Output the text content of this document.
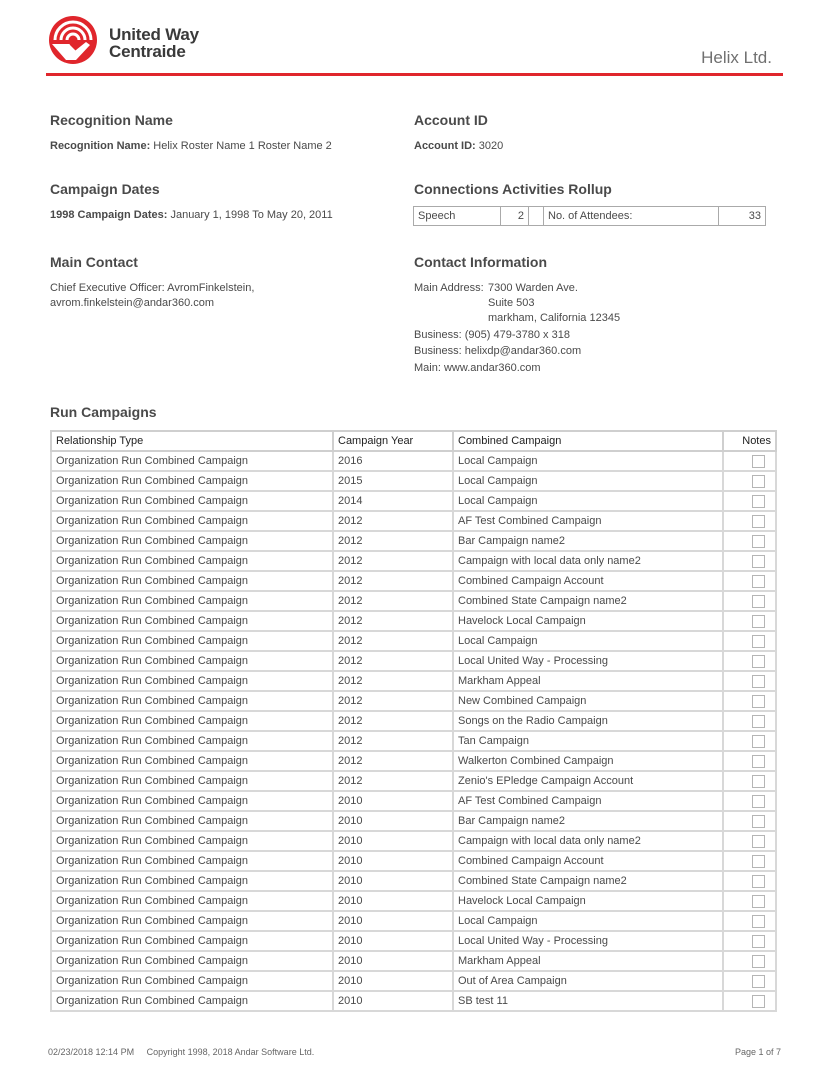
United Way
Centraide	Helix Ltd.
Recognition Name
Recognition Name: Helix Roster Name 1 Roster Name 2
Account ID
Account ID: 3020
Campaign Dates
1998 Campaign Dates: January 1, 1998 To May 20, 2011
Connections Activities Rollup
Speech	2		No. of Attendees:	33
Main Contact
Chief Executive Officer: AvromFinkelstein,
avrom.finkelstein@andar360.com
Contact Information
Main Address: 7300 Warden Ave.
Suite 503
markham, California 12345
Business: (905) 479-3780 x 318
Business: helixdp@andar360.com
Main: www.andar360.com
Run Campaigns
Relationship Type	Campaign Year	Combined Campaign	Notes
Organization Run Combined Campaign	2016	Local Campaign	

Organization Run Combined Campaign	2015	Local Campaign	

Organization Run Combined Campaign	2014	Local Campaign	

Organization Run Combined Campaign	2012	AF Test Combined Campaign	

Organization Run Combined Campaign	2012	Bar Campaign name2	

Organization Run Combined Campaign	2012	Campaign with local data only name2	

Organization Run Combined Campaign	2012	Combined Campaign Account	

Organization Run Combined Campaign	2012	Combined State Campaign name2	

Organization Run Combined Campaign	2012	Havelock Local Campaign	

Organization Run Combined Campaign	2012	Local Campaign	

Organization Run Combined Campaign	2012	Local United Way - Processing	

Organization Run Combined Campaign	2012	Markham Appeal	

Organization Run Combined Campaign	2012	New Combined Campaign	

Organization Run Combined Campaign	2012	Songs on the Radio Campaign	

Organization Run Combined Campaign	2012	Tan Campaign	

Organization Run Combined Campaign	2012	Walkerton Combined Campaign	

Organization Run Combined Campaign	2012	Zenio's EPledge Campaign Account	

Organization Run Combined Campaign	2010	AF Test Combined Campaign	

Organization Run Combined Campaign	2010	Bar Campaign name2	

Organization Run Combined Campaign	2010	Campaign with local data only name2	

Organization Run Combined Campaign	2010	Combined Campaign Account	

Organization Run Combined Campaign	2010	Combined State Campaign name2	

Organization Run Combined Campaign	2010	Havelock Local Campaign	

Organization Run Combined Campaign	2010	Local Campaign	

Organization Run Combined Campaign	2010	Local United Way - Processing	

Organization Run Combined Campaign	2010	Markham Appeal	

Organization Run Combined Campaign	2010	Out of Area Campaign	

Organization Run Combined Campaign	2010	SB test 11	
02/23/2018 12:14 PM Copyright 1998, 2018 Andar Software Ltd.	Page 1 of 7
